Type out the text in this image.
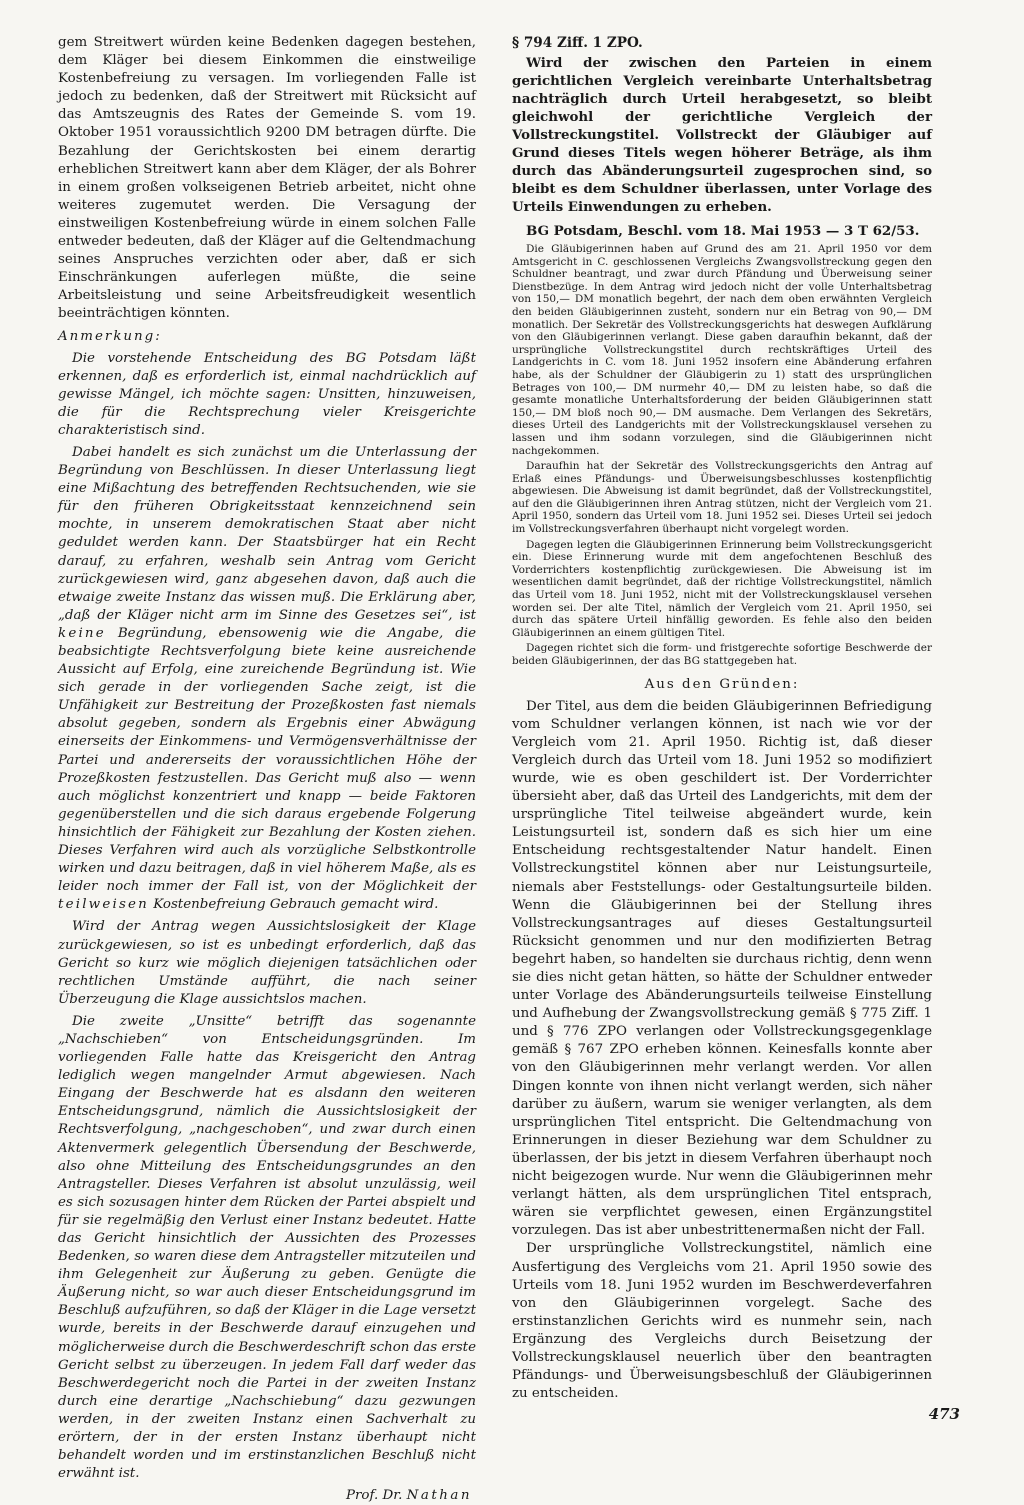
gem Streitwert würden keine Bedenken dagegen bestehen, dem Kläger bei diesem Einkommen die einstweilige Kostenbefreiung zu versagen. Im vorliegenden Falle ist jedoch zu bedenken, daß der Streitwert mit Rücksicht auf das Amtszeugnis des Rates der Gemeinde S. vom 19. Oktober 1951 voraussichtlich 9200 DM betragen dürfte. Die Bezahlung der Gerichtskosten bei einem derartig erheblichen Streitwert kann aber dem Kläger, der als Bohrer in einem großen volkseigenen Betrieb arbeitet, nicht ohne weiteres zugemutet werden. Die Versagung der einstweiligen Kostenbefreiung würde in einem solchen Falle entweder bedeuten, daß der Kläger auf die Geltendmachung seines Anspruches verzichten oder aber, daß er sich Einschränkungen auferlegen müßte, die seine Arbeitsleistung und seine Arbeitsfreudigkeit wesentlich beeinträchtigen könnten.

Anmerkung:

Die vorstehende Entscheidung des BG Potsdam läßt erkennen, daß es erforderlich ist, einmal nachdrücklich auf gewisse Mängel, ich möchte sagen: Unsitten, hinzuweisen, die für die Rechtsprechung vieler Kreisgerichte charakteristisch sind.

Dabei handelt es sich zunächst um die Unterlassung der Begründung von Beschlüssen. In dieser Unterlassung liegt eine Mißachtung des betreffenden Rechtsuchenden, wie sie für den früheren Obrigkeitsstaat kennzeichnend sein mochte, in unserem demokratischen Staat aber nicht geduldet werden kann. Der Staatsbürger hat ein Recht darauf, zu erfahren, weshalb sein Antrag vom Gericht zurückgewiesen wird, ganz abgesehen davon, daß auch die etwaige zweite Instanz das wissen muß. Die Erklärung aber, „daß der Kläger nicht arm im Sinne des Gesetzes sei“, ist keine Begründung, ebensowenig wie die Angabe, die beabsichtigte Rechtsverfolgung biete keine ausreichende Aussicht auf Erfolg, eine zureichende Begründung ist. Wie sich gerade in der vorliegenden Sache zeigt, ist die Unfähigkeit zur Bestreitung der Prozeßkosten fast niemals absolut gegeben, sondern als Ergebnis einer Abwägung einerseits der Einkommens- und Vermögensverhältnisse der Partei und andererseits der voraussichtlichen Höhe der Prozeßkosten festzustellen. Das Gericht muß also — wenn auch möglichst konzentriert und knapp — beide Faktoren gegenüberstellen und die sich daraus ergebende Folgerung hinsichtlich der Fähigkeit zur Bezahlung der Kosten ziehen. Dieses Verfahren wird auch als vorzügliche Selbstkontrolle wirken und dazu beitragen, daß in viel höherem Maße, als es leider noch immer der Fall ist, von der Möglichkeit der teilweisen Kostenbefreiung Gebrauch gemacht wird.

Wird der Antrag wegen Aussichtslosigkeit der Klage zurückgewiesen, so ist es unbedingt erforderlich, daß das Gericht so kurz wie möglich diejenigen tatsächlichen oder rechtlichen Umstände aufführt, die nach seiner Überzeugung die Klage aussichtslos machen.

Die zweite „Unsitte“ betrifft das sogenannte „Nachschieben“ von Entscheidungsgründen. Im vorliegenden Falle hatte das Kreisgericht den Antrag lediglich wegen mangelnder Armut abgewiesen. Nach Eingang der Beschwerde hat es alsdann den weiteren Entscheidungsgrund, nämlich die Aussichtslosigkeit der Rechtsverfolgung, „nachgeschoben“, und zwar durch einen Aktenvermerk gelegentlich Übersendung der Beschwerde, also ohne Mitteilung des Entscheidungsgrundes an den Antragsteller. Dieses Verfahren ist absolut unzulässig, weil es sich sozusagen hinter dem Rücken der Partei abspielt und für sie regelmäßig den Verlust einer Instanz bedeutet. Hatte das Gericht hinsichtlich der Aussichten des Prozesses Bedenken, so waren diese dem Antragsteller mitzuteilen und ihm Gelegenheit zur Äußerung zu geben. Genügte die Äußerung nicht, so war auch dieser Entscheidungsgrund im Beschluß aufzuführen, so daß der Kläger in die Lage versetzt wurde, bereits in der Beschwerde darauf einzugehen und möglicherweise durch die Beschwerdeschrift schon das erste Gericht selbst zu überzeugen. In jedem Fall darf weder das Beschwerdegericht noch die Partei in der zweiten Instanz durch eine derartige „Nachschiebung“ dazu gezwungen werden, in der zweiten Instanz einen Sachverhalt zu erörtern, der in der ersten Instanz überhaupt nicht behandelt worden und im erstinstanzlichen Beschluß nicht erwähnt ist.

Prof. Dr. Nathan

§ 794 Ziff. 1 ZPO.

Wird der zwischen den Parteien in einem gerichtlichen Vergleich vereinbarte Unterhaltsbetrag nachträglich durch Urteil herabgesetzt, so bleibt gleichwohl der gerichtliche Vergleich der Vollstreckungstitel. Vollstreckt der Gläubiger auf Grund dieses Titels wegen höherer Beträge, als ihm durch das Abänderungsurteil zugesprochen sind, so bleibt es dem Schuldner überlassen, unter Vorlage des Urteils Einwendungen zu erheben.

BG Potsdam, Beschl. vom 18. Mai 1953 — 3 T 62/53.

Die Gläubigerinnen haben auf Grund des am 21. April 1950 vor dem Amtsgericht in C. geschlossenen Vergleichs Zwangsvollstreckung gegen den Schuldner beantragt, und zwar durch Pfändung und Überweisung seiner Dienstbezüge. In dem Antrag wird jedoch nicht der volle Unterhaltsbetrag von 150,— DM monatlich begehrt, der nach dem oben erwähnten Vergleich den beiden Gläubigerinnen zusteht, sondern nur ein Betrag von 90,— DM monatlich. Der Sekretär des Vollstreckungsgerichts hat deswegen Aufklärung von den Gläubigerinnen verlangt. Diese gaben daraufhin bekannt, daß der ursprüngliche Vollstreckungstitel durch rechtskräftiges Urteil des Landgerichts in C. vom 18. Juni 1952 insofern eine Abänderung erfahren habe, als der Schuldner der Gläubigerin zu 1) statt des ursprünglichen Betrages von 100,— DM nurmehr 40,— DM zu leisten habe, so daß die gesamte monatliche Unterhaltsforderung der beiden Gläubigerinnen statt 150,— DM bloß noch 90,— DM ausmache. Dem Verlangen des Sekretärs, dieses Urteil des Landgerichts mit der Vollstreckungsklausel versehen zu lassen und ihm sodann vorzulegen, sind die Gläubigerinnen nicht nachgekommen.

Daraufhin hat der Sekretär des Vollstreckungsgerichts den Antrag auf Erlaß eines Pfändungs- und Überweisungsbeschlusses kostenpflichtig abgewiesen. Die Abweisung ist damit begründet, daß der Vollstreckungstitel, auf den die Gläubigerinnen ihren Antrag stützen, nicht der Vergleich vom 21. April 1950, sondern das Urteil vom 18. Juni 1952 sei. Dieses Urteil sei jedoch im Vollstreckungsverfahren überhaupt nicht vorgelegt worden.

Dagegen legten die Gläubigerinnen Erinnerung beim Vollstreckungsgericht ein. Diese Erinnerung wurde mit dem angefochtenen Beschluß des Vorderrichters kostenpflichtig zurückgewiesen. Die Abweisung ist im wesentlichen damit begründet, daß der richtige Vollstreckungstitel, nämlich das Urteil vom 18. Juni 1952, nicht mit der Vollstreckungsklausel versehen worden sei. Der alte Titel, nämlich der Vergleich vom 21. April 1950, sei durch das spätere Urteil hinfällig geworden. Es fehle also den beiden Gläubigerinnen an einem gültigen Titel.

Dagegen richtet sich die form- und fristgerechte sofortige Beschwerde der beiden Gläubigerinnen, der das BG stattgegeben hat.

Aus den Gründen:

Der Titel, aus dem die beiden Gläubigerinnen Befriedigung vom Schuldner verlangen können, ist nach wie vor der Vergleich vom 21. April 1950. Richtig ist, daß dieser Vergleich durch das Urteil vom 18. Juni 1952 so modifiziert wurde, wie es oben geschildert ist. Der Vorderrichter übersieht aber, daß das Urteil des Landgerichts, mit dem der ursprüngliche Titel teilweise abgeändert wurde, kein Leistungsurteil ist, sondern daß es sich hier um eine Entscheidung rechtsgestaltender Natur handelt. Einen Vollstreckungstitel können aber nur Leistungsurteile, niemals aber Feststellungs- oder Gestaltungsurteile bilden. Wenn die Gläubigerinnen bei der Stellung ihres Vollstreckungsantrages auf dieses Gestaltungsurteil Rücksicht genommen und nur den modifizierten Betrag begehrt haben, so handelten sie durchaus richtig, denn wenn sie dies nicht getan hätten, so hätte der Schuldner entweder unter Vorlage des Abänderungsurteils teilweise Einstellung und Aufhebung der Zwangsvollstreckung gemäß § 775 Ziff. 1 und § 776 ZPO verlangen oder Vollstreckungsgegenklage gemäß § 767 ZPO erheben können. Keinesfalls konnte aber von den Gläubigerinnen mehr verlangt werden. Vor allen Dingen konnte von ihnen nicht verlangt werden, sich näher darüber zu äußern, warum sie weniger verlangten, als dem ursprünglichen Titel entspricht. Die Geltendmachung von Erinnerungen in dieser Beziehung war dem Schuldner zu überlassen, der bis jetzt in diesem Verfahren überhaupt noch nicht beigezogen wurde. Nur wenn die Gläubigerinnen mehr verlangt hätten, als dem ursprünglichen Titel entsprach, wären sie verpflichtet gewesen, einen Ergänzungstitel vorzulegen. Das ist aber unbestrittenermaßen nicht der Fall.

Der ursprüngliche Vollstreckungstitel, nämlich eine Ausfertigung des Vergleichs vom 21. April 1950 sowie des Urteils vom 18. Juni 1952 wurden im Beschwerdeverfahren von den Gläubigerinnen vorgelegt. Sache des erstinstanzlichen Gerichts wird es nunmehr sein, nach Ergänzung des Vergleichs durch Beisetzung der Vollstreckungsklausel neuerlich über den beantragten Pfändungs- und Überweisungsbeschluß der Gläubigerinnen zu entscheiden.

473
